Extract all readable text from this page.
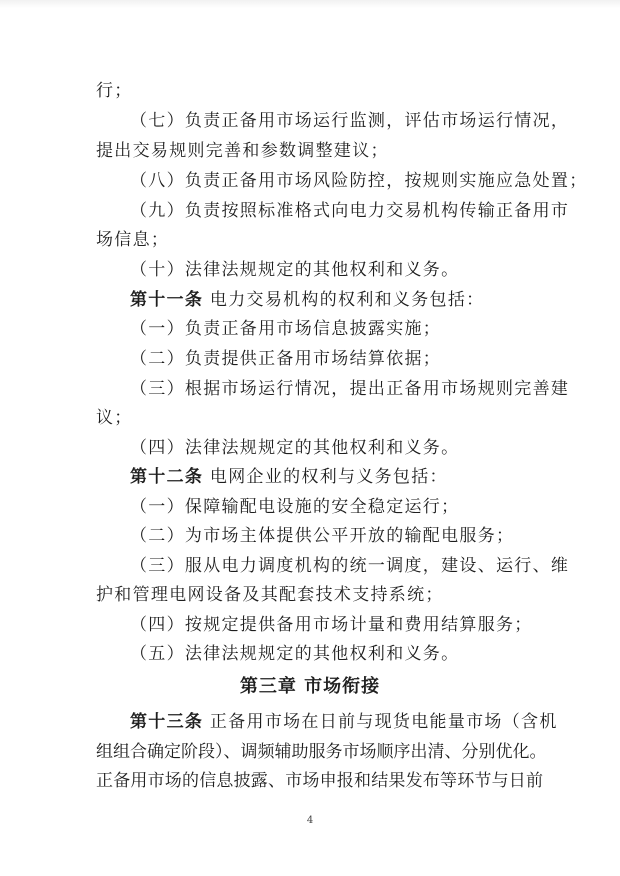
行；
（七）负责正备用市场运行监测，评估市场运行情况，
提出交易规则完善和参数调整建议；
（八）负责正备用市场风险防控，按规则实施应急处置；
（九）负责按照标准格式向电力交易机构传输正备用市
场信息；
（十）法律法规规定的其他权利和义务。
第十一条 电力交易机构的权利和义务包括：
（一）负责正备用市场信息披露实施；
（二）负责提供正备用市场结算依据；
（三）根据市场运行情况，提出正备用市场规则完善建
议；
（四）法律法规规定的其他权利和义务。
第十二条 电网企业的权利与义务包括：
（一）保障输配电设施的安全稳定运行；
（二）为市场主体提供公平开放的输配电服务；
（三）服从电力调度机构的统一调度，建设、运行、维
护和管理电网设备及其配套技术支持系统；
（四）按规定提供备用市场计量和费用结算服务；
（五）法律法规规定的其他权利和义务。
第三章 市场衔接
第十三条 正备用市场在日前与现货电能量市场（含机
组组合确定阶段）、调频辅助服务市场顺序出清、分别优化。
正备用市场的信息披露、市场申报和结果发布等环节与日前
4
